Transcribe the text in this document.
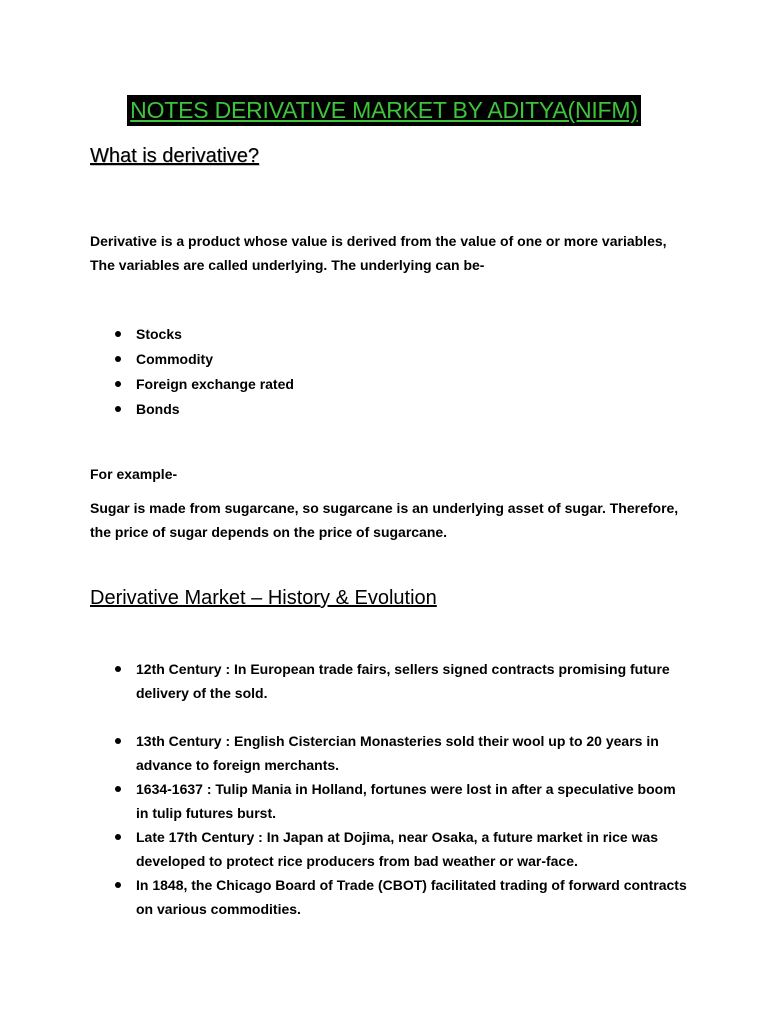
NOTES DERIVATIVE MARKET BY ADITYA(NIFM)
What is derivative?

Derivative is a product whose value is derived from the value of one or more variables, The variables are called underlying. The underlying can be-

Stocks
Commodity
Foreign exchange rated
Bonds

For example-

Sugar is made from sugarcane, so sugarcane is an underlying asset of sugar. Therefore, the price of sugar depends on the price of sugarcane.

Derivative Market – History & Evolution
12th Century : In European trade fairs, sellers signed contracts promising future delivery of the sold.
13th Century : English Cistercian Monasteries sold their wool up to 20 years in advance to foreign merchants.
1634-1637 : Tulip Mania in Holland, fortunes were lost in after a speculative boom in tulip futures burst.
Late 17th Century : In Japan at Dojima, near Osaka, a future market in rice was developed to protect rice producers from bad weather or war-face.
In 1848, the Chicago Board of Trade (CBOT) facilitated trading of forward contracts on various commodities.
